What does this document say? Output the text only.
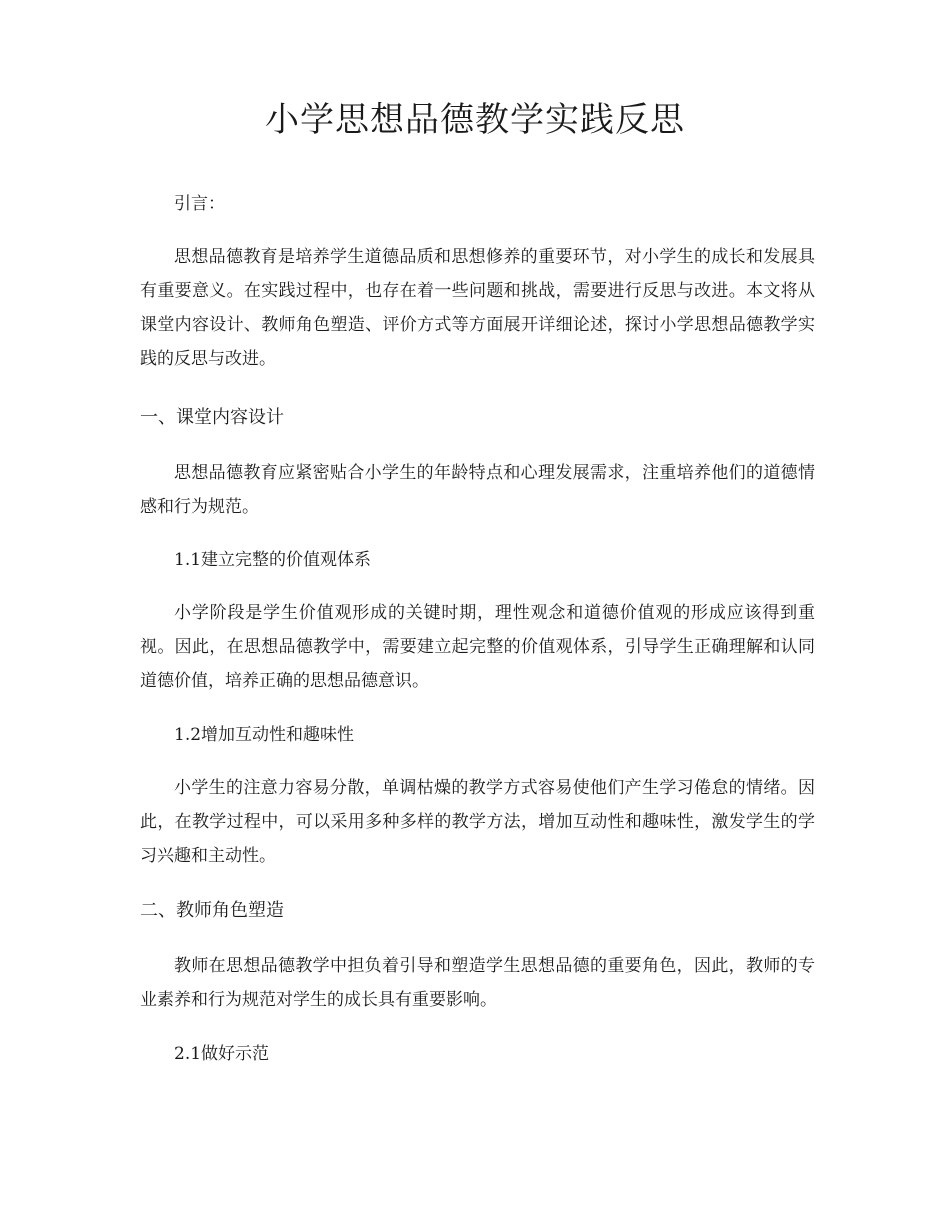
小学思想品德教学实践反思

引言：

思想品德教育是培养学生道德品质和思想修养的重要环节，对小学生的成长和发展具有重要意义。在实践过程中，也存在着一些问题和挑战，需要进行反思与改进。本文将从课堂内容设计、教师角色塑造、评价方式等方面展开详细论述，探讨小学思想品德教学实践的反思与改进。

一、课堂内容设计

思想品德教育应紧密贴合小学生的年龄特点和心理发展需求，注重培养他们的道德情感和行为规范。

1.1建立完整的价值观体系

小学阶段是学生价值观形成的关键时期，理性观念和道德价值观的形成应该得到重视。因此，在思想品德教学中，需要建立起完整的价值观体系，引导学生正确理解和认同道德价值，培养正确的思想品德意识。

1.2增加互动性和趣味性

小学生的注意力容易分散，单调枯燥的教学方式容易使他们产生学习倦怠的情绪。因此，在教学过程中，可以采用多种多样的教学方法，增加互动性和趣味性，激发学生的学习兴趣和主动性。

二、教师角色塑造

教师在思想品德教学中担负着引导和塑造学生思想品德的重要角色，因此，教师的专业素养和行为规范对学生的成长具有重要影响。

2.1做好示范
